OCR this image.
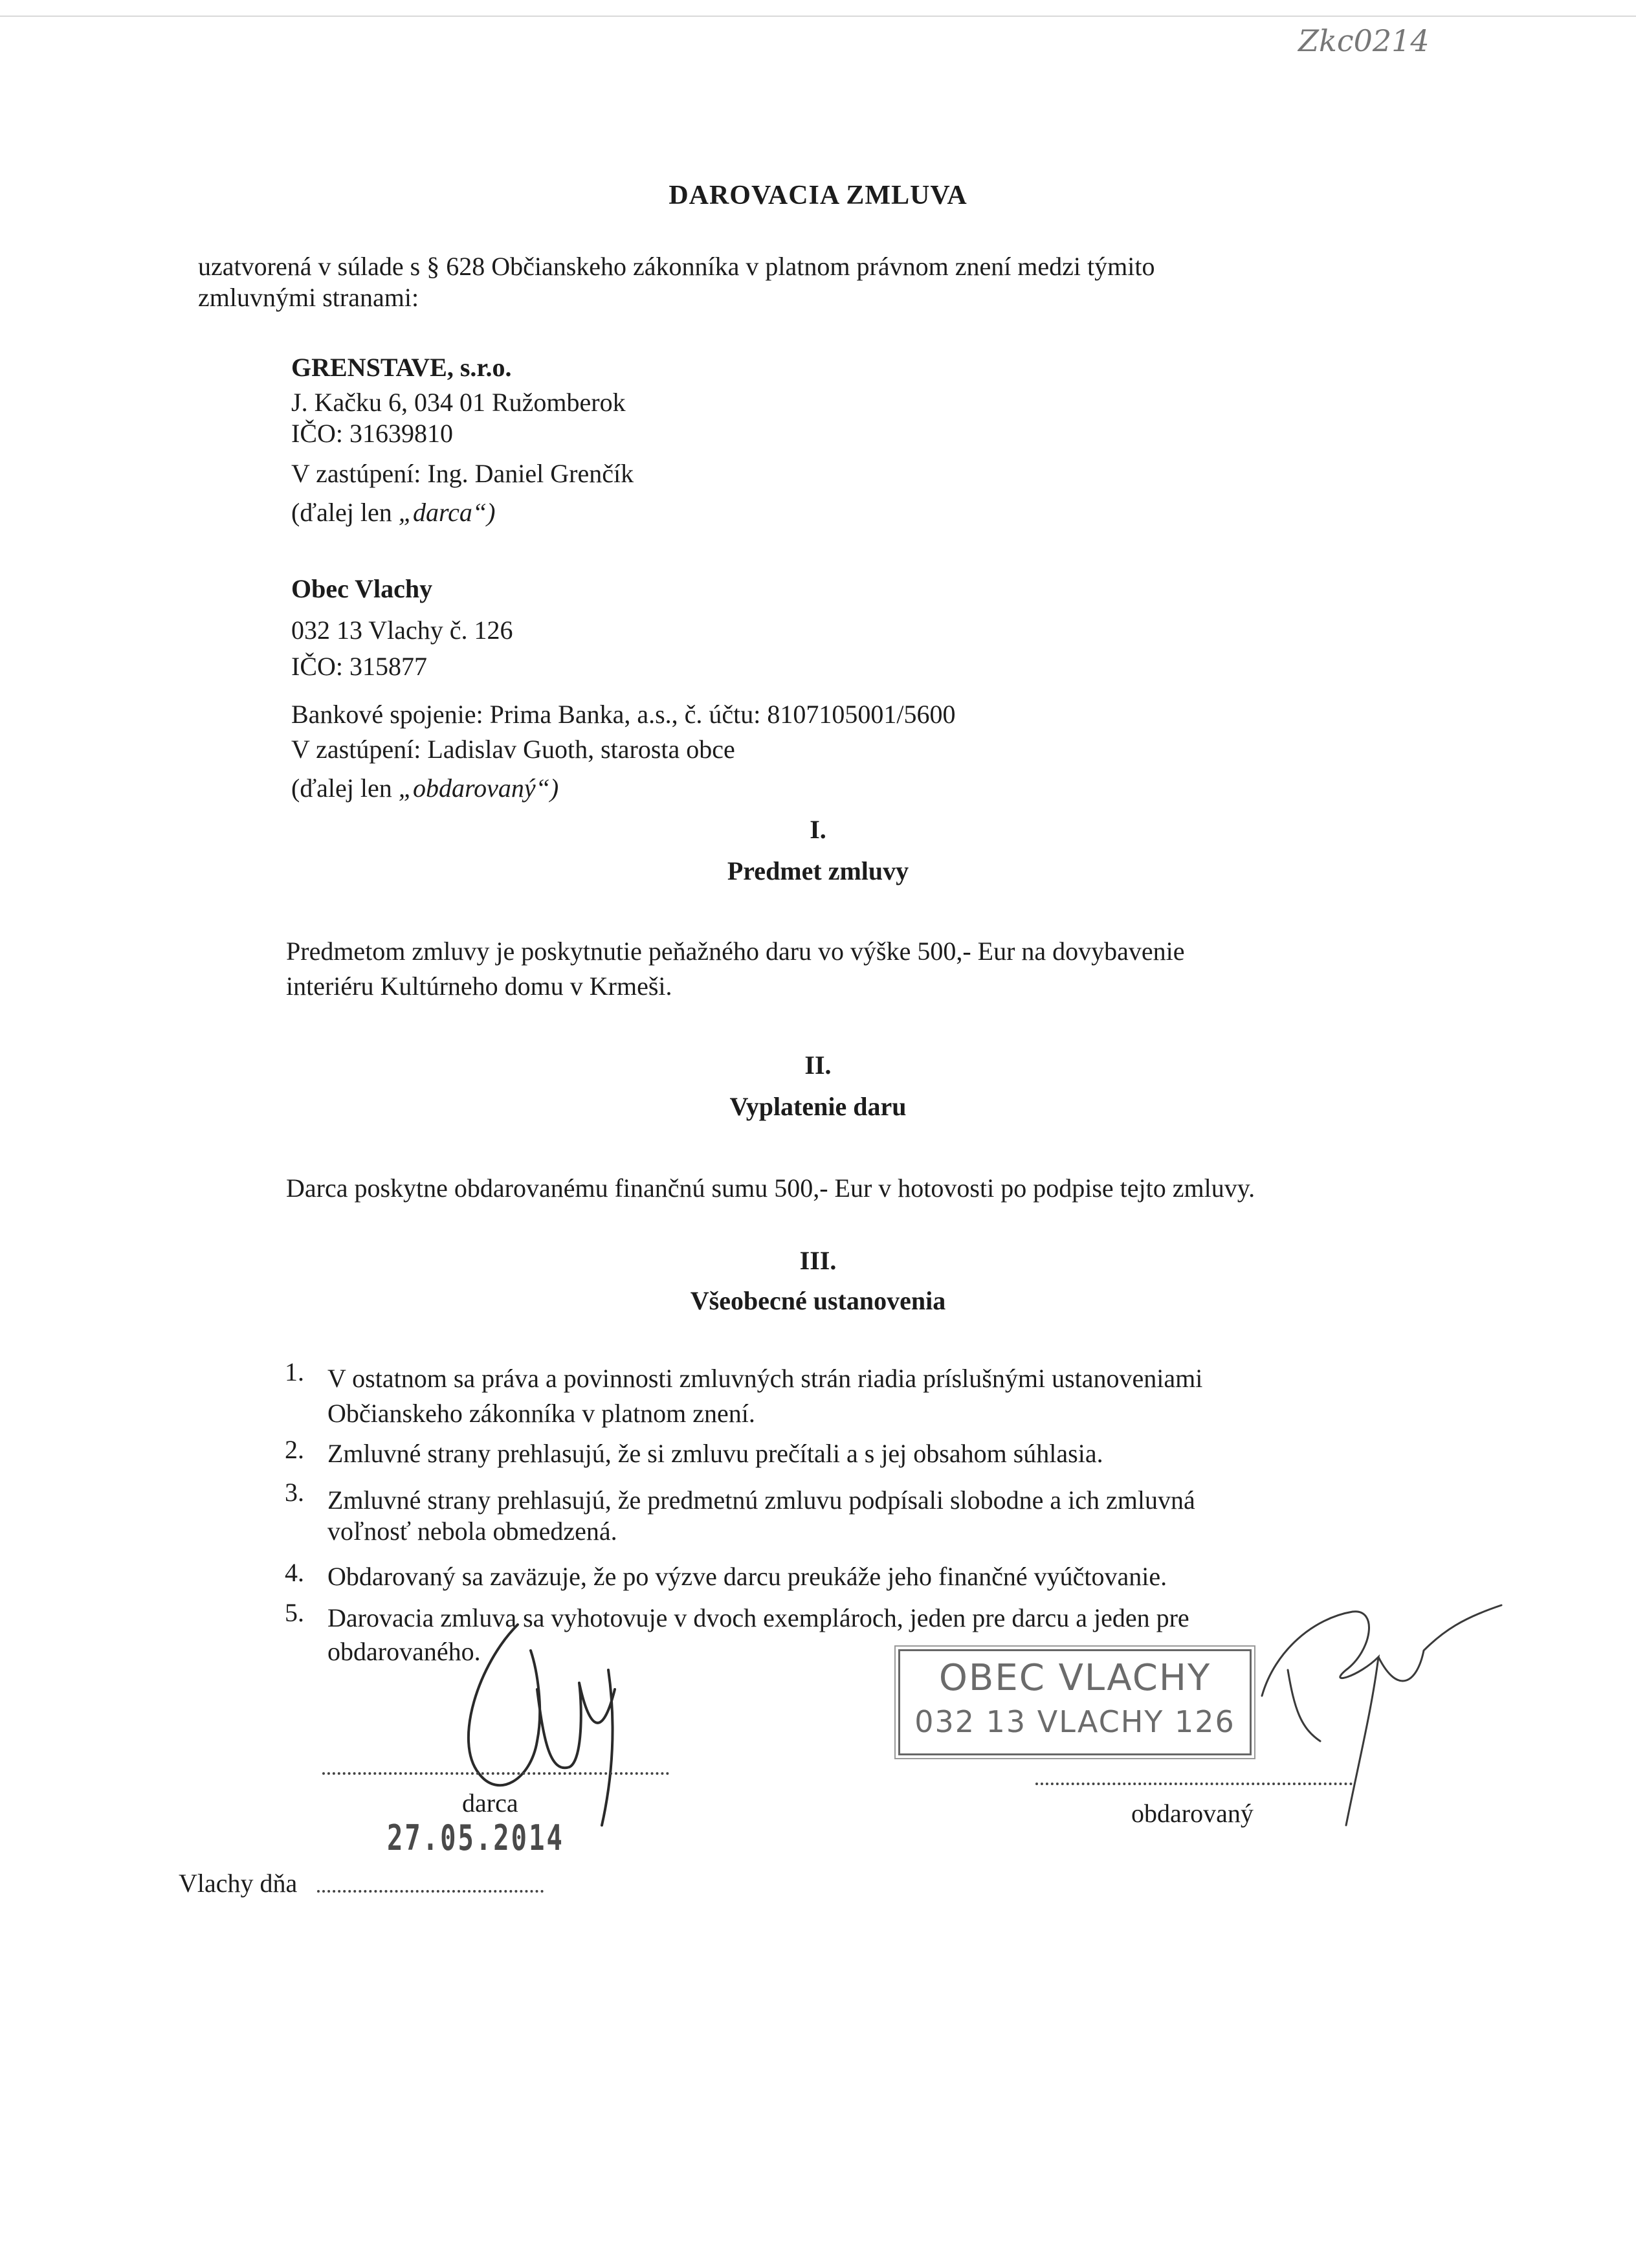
Zkc0214
DAROVACIA ZMLUVA
uzatvorená v súlade s § 628 Občianskeho zákonníka v platnom právnom znení medzi týmito
zmluvnými stranami:
GRENSTAVE, s.r.o.
J. Kačku 6, 034 01 Ružomberok
IČO: 31639810
V zastúpení: Ing. Daniel Grenčík
(ďalej len „darca“)
Obec Vlachy
032 13 Vlachy č. 126
IČO: 315877
Bankové spojenie: Prima Banka, a.s., č. účtu: 8107105001/5600
V zastúpení: Ladislav Guoth, starosta obce
(ďalej len „obdarovaný“)
I.
Predmet zmluvy
Predmetom zmluvy je poskytnutie peňažného daru vo výške 500,- Eur na dovybavenie
interiéru Kultúrneho domu v Krmeši.
II.
Vyplatenie daru
Darca poskytne obdarovanému finančnú sumu 500,- Eur v hotovosti po podpise tejto zmluvy.
III.
Všeobecné ustanovenia
1. V ostatnom sa práva a povinnosti zmluvných strán riadia príslušnými ustanoveniami
Občianskeho zákonníka v platnom znení.
2. Zmluvné strany prehlasujú, že si zmluvu prečítali a s jej obsahom súhlasia.
3. Zmluvné strany prehlasujú, že predmetnú zmluvu podpísali slobodne a ich zmluvná
voľnosť nebola obmedzená.
4. Obdarovaný sa zaväzuje, že po výzve darcu preukáže jeho finančné vyúčtovanie.
5. Darovacia zmluva sa vyhotovuje v dvoch exemplároch, jeden pre darcu a jeden pre
obdarovaného.
OBEC VLACHY
032 13 VLACHY 126
darca	obdarovaný
27.05.2014
Vlachy dňa
